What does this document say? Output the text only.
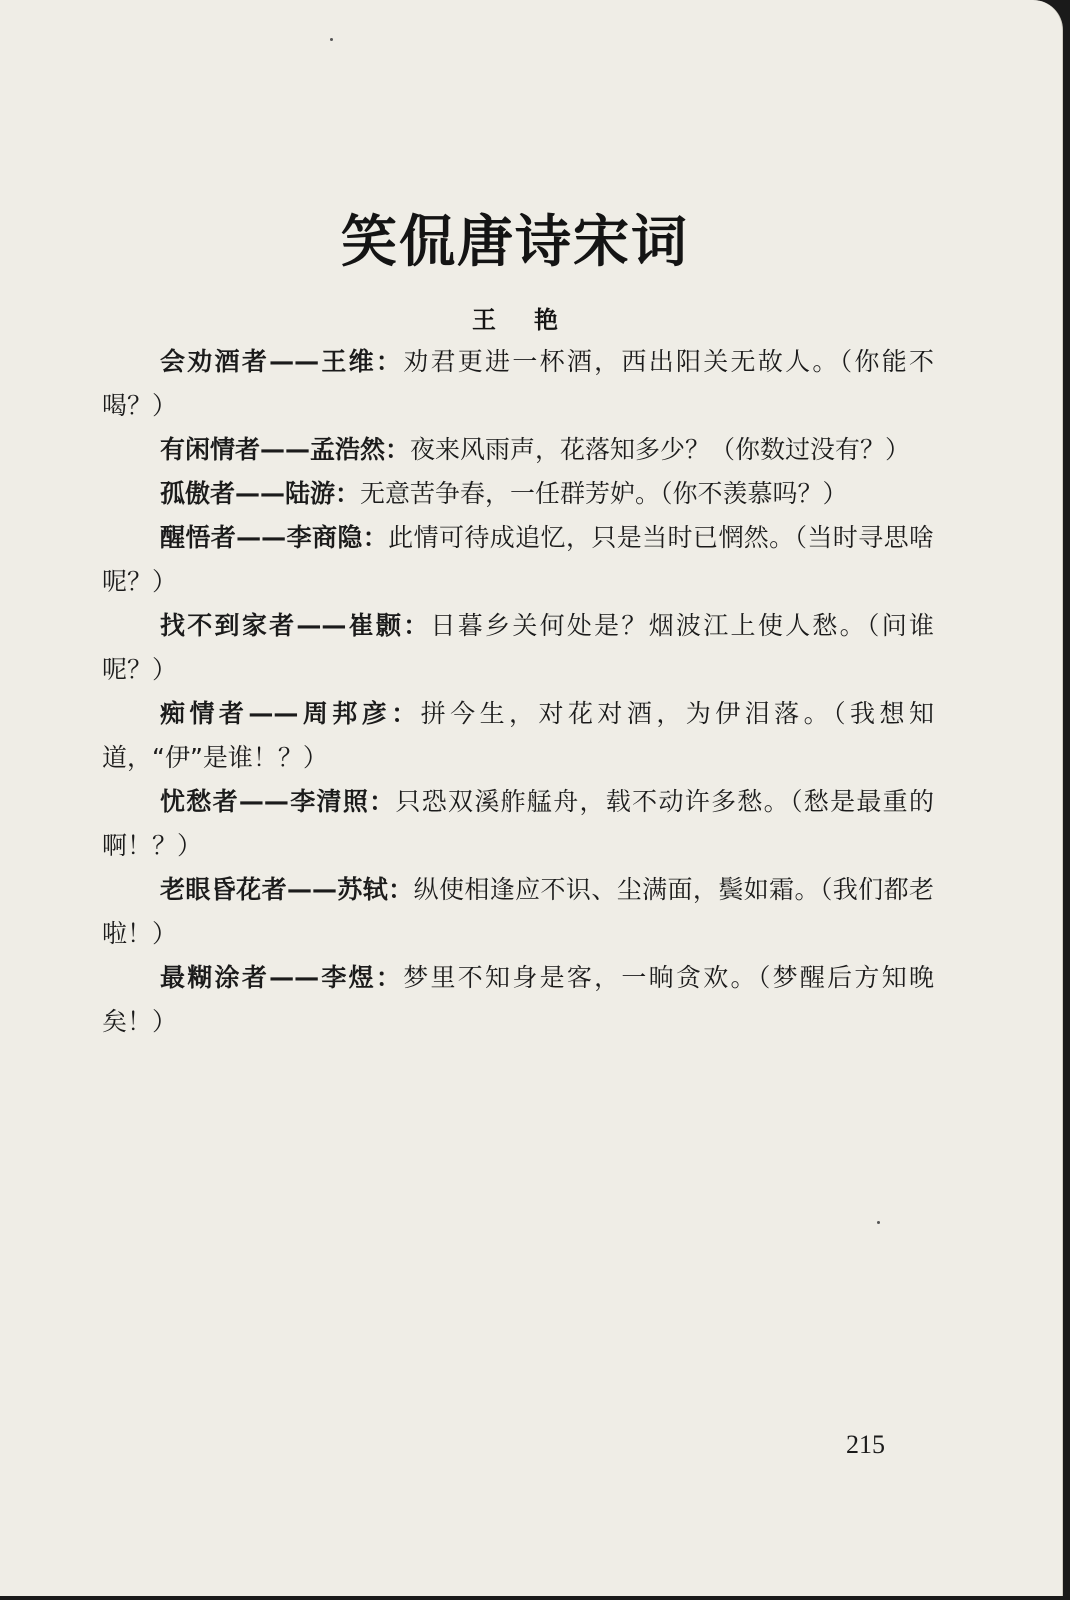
笑侃唐诗宋词
王艳

会劝酒者——王维：劝君更进一杯酒，西出阳关无故人。（你能不喝？）

有闲情者——孟浩然：夜来风雨声，花落知多少？（你数过没有？）

孤傲者——陆游：无意苦争春，一任群芳妒。（你不羡慕吗？）

醒悟者——李商隐：此情可待成追忆，只是当时已惘然。（当时寻思啥呢？）

找不到家者——崔颢：日暮乡关何处是？烟波江上使人愁。（问谁呢？）

痴情者——周邦彦：拼今生，对花对酒，为伊泪落。（我想知道，“伊”是谁！？）

忧愁者——李清照：只恐双溪舴艋舟，载不动许多愁。（愁是最重的啊！？）

老眼昏花者——苏轼：纵使相逢应不识、尘满面，鬓如霜。（我们都老啦！）

最糊涂者——李煜：梦里不知身是客，一晌贪欢。（梦醒后方知晚矣！）

215
